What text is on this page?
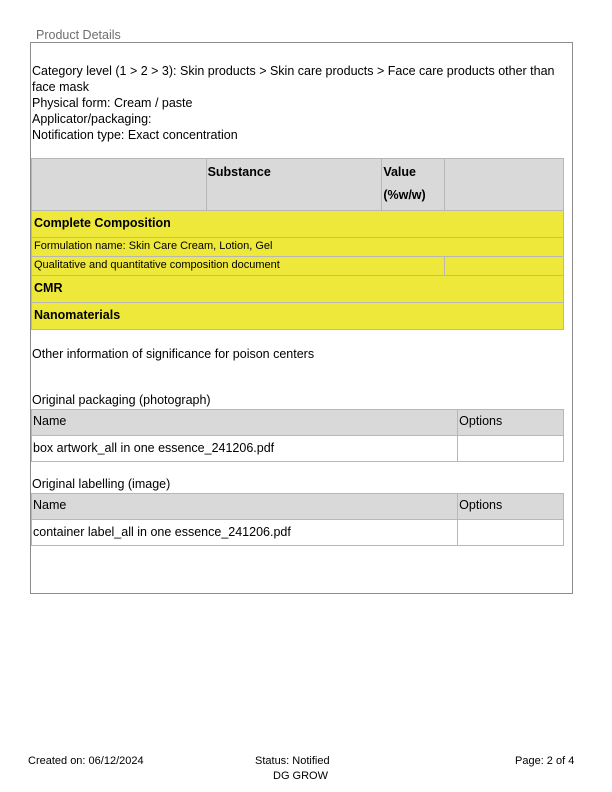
Product Details
Category level (1 > 2 > 3): Skin products > Skin care products > Face care products other than face mask
Physical form: Cream / paste
Applicator/packaging:
Notification type: Exact concentration
	Substance	Value
(%w/w)	
Complete Composition			
Formulation name: Skin Care Cream, Lotion, Gel			
Qualitative and quantitative composition document			
CMR			
Nanomaterials			
Other information of significance for poison centers
Original packaging (photograph)
Name	Options
box artwork_all in one essence_241206.pdf	
Original labelling (image)
Name	Options
container label_all in one essence_241206.pdf	
Created on: 06/12/2024	Status: Notified
DG GROW
Page: 2 of 4
